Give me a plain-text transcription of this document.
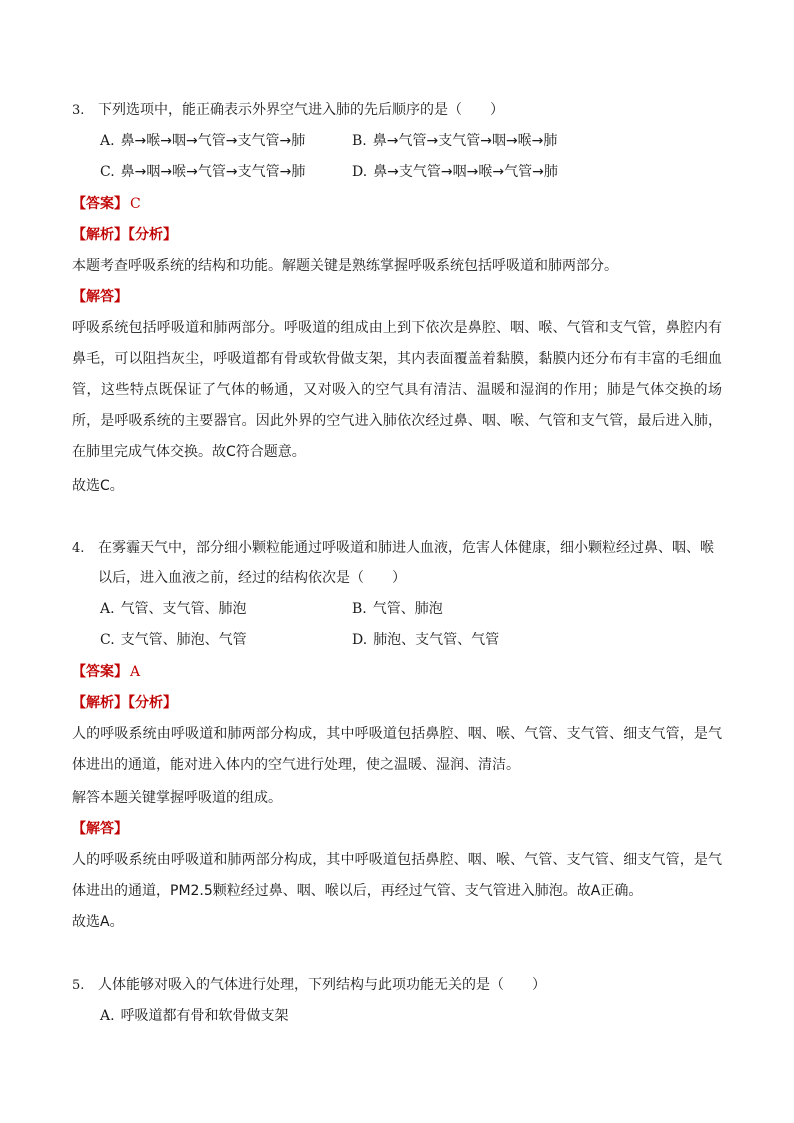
3. 下列选项中，能正确表示外界空气进入肺的先后顺序的是（　　）
A. 鼻→喉→咽→气管→支气管→肺	B. 鼻→气管→支气管→咽→喉→肺
C. 鼻→咽→喉→气管→支气管→肺	D. 鼻→支气管→咽→喉→气管→肺
【答案】 C
【解析】【分析】
本题考查呼吸系统的结构和功能。解题关键是熟练掌握呼吸系统包括呼吸道和肺两部分。
【解答】
呼吸系统包括呼吸道和肺两部分。呼吸道的组成由上到下依次是鼻腔、咽、喉、气管和支气管，鼻腔内有鼻毛，可以阻挡灰尘，呼吸道都有骨或软骨做支架，其内表面覆盖着黏膜，黏膜内还分布有丰富的毛细血管，这些特点既保证了气体的畅通，又对吸入的空气具有清洁、温暖和湿润的作用；肺是气体交换的场所，是呼吸系统的主要器官。因此外界的空气进入肺依次经过鼻、咽、喉、气管和支气管，最后进入肺，在肺里完成气体交换。故C符合题意。
故选C。
4. 在雾霾天气中，部分细小颗粒能通过呼吸道和肺进人血液，危害人体健康，细小颗粒经过鼻、咽、喉
以后，进入血液之前，经过的结构依次是（　　）
A. 气管、支气管、肺泡	B. 气管、肺泡
C. 支气管、肺泡、气管	D. 肺泡、支气管、气管
【答案】 A
【解析】【分析】
人的呼吸系统由呼吸道和肺两部分构成，其中呼吸道包括鼻腔、咽、喉、气管、支气管、细支气管，是气体进出的通道，能对进入体内的空气进行处理，使之温暖、湿润、清洁。
解答本题关键掌握呼吸道的组成。
【解答】
人的呼吸系统由呼吸道和肺两部分构成，其中呼吸道包括鼻腔、咽、喉、气管、支气管、细支气管，是气体进出的通道，PM2.5颗粒经过鼻、咽、喉以后，再经过气管、支气管进入肺泡。故A正确。
故选A。
5. 人体能够对吸入的气体进行处理，下列结构与此项功能无关的是（　　）
A. 呼吸道都有骨和软骨做支架
